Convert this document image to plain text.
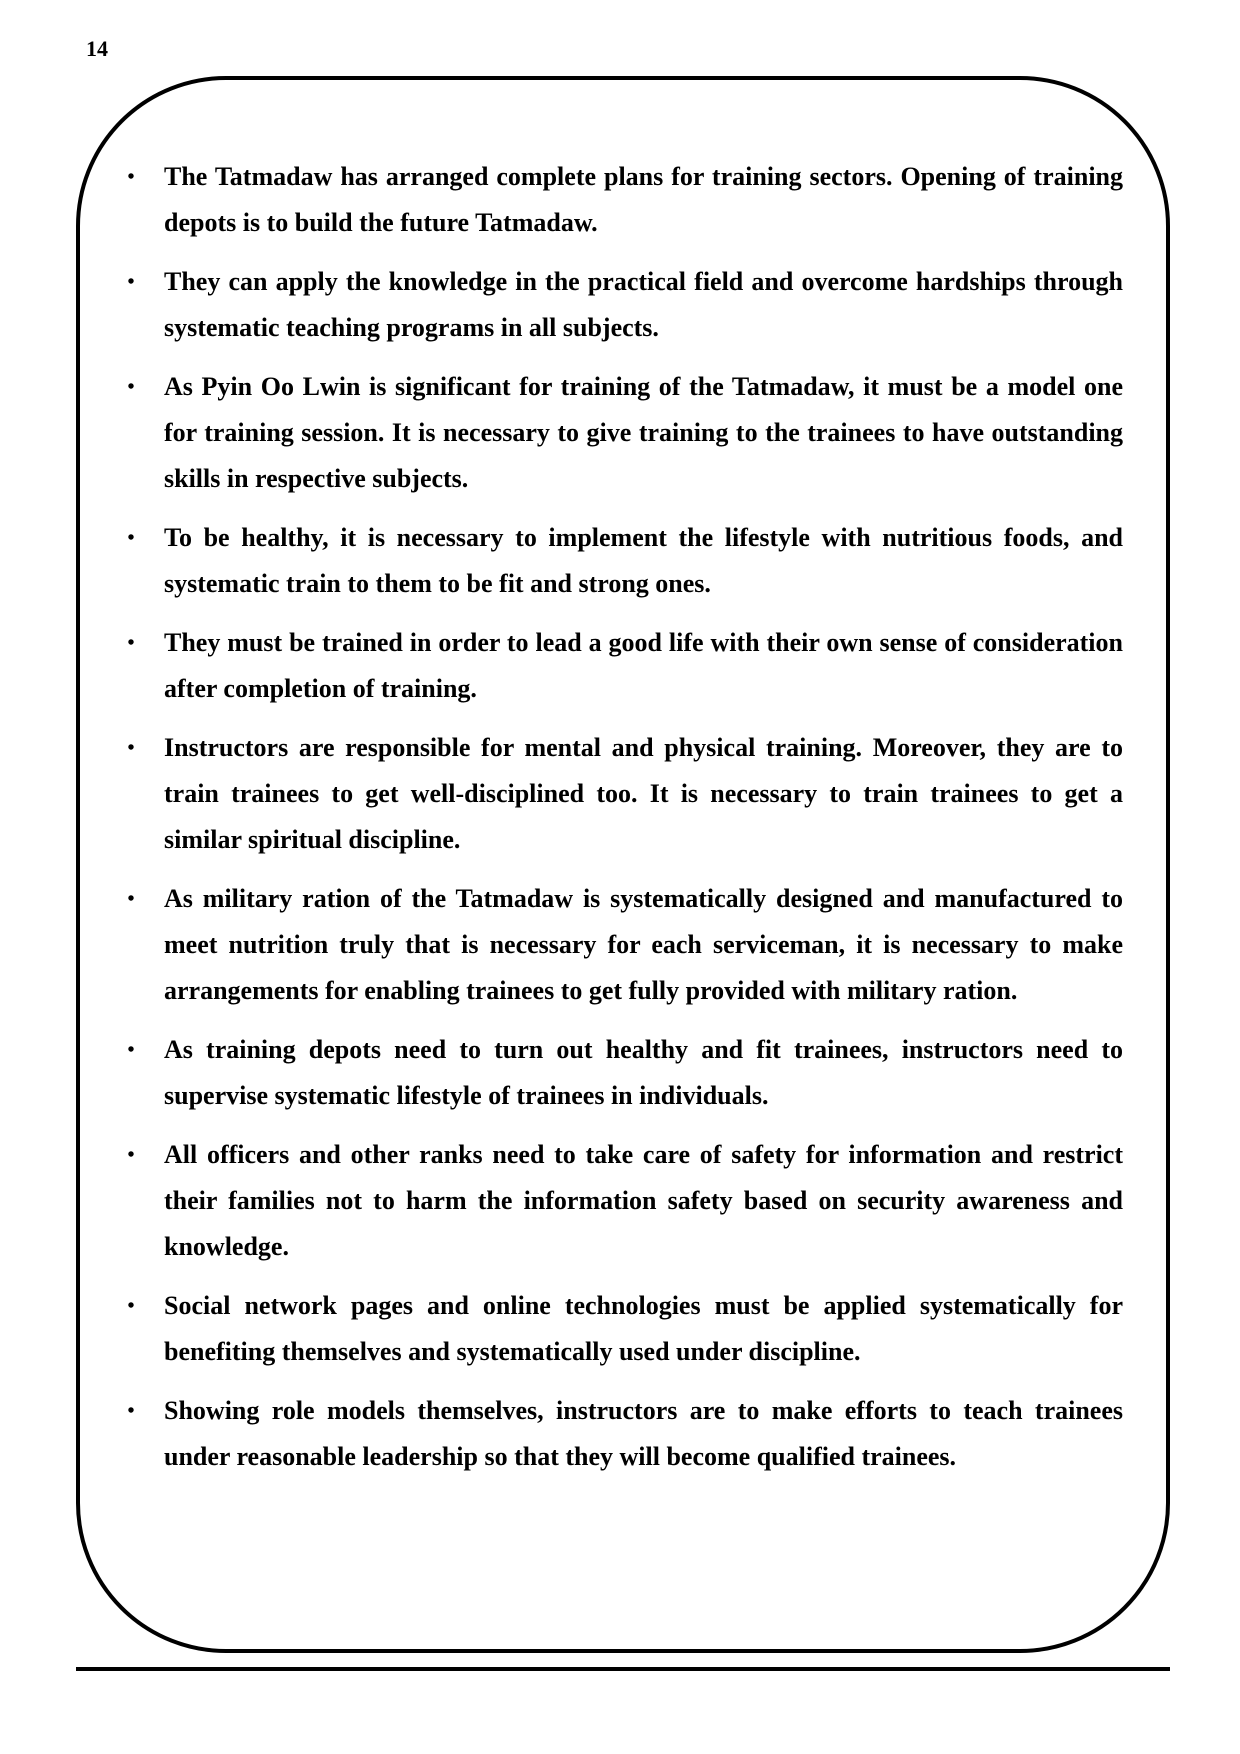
14
• The Tatmadaw has arranged complete plans for training sectors. Opening of training depots is to build the future Tatmadaw.
• They can apply the knowledge in the practical field and overcome hardships through systematic teaching programs in all subjects.
• As Pyin Oo Lwin is significant for training of the Tatmadaw, it must be a model one for training session. It is necessary to give training to the trainees to have outstanding skills in respective subjects.
• To be healthy, it is necessary to implement the lifestyle with nutritious foods, and systematic train to them to be fit and strong ones.
• They must be trained in order to lead a good life with their own sense of consideration after completion of training.
• Instructors are responsible for mental and physical training. Moreover, they are to train trainees to get well-disciplined too. It is necessary to train trainees to get a similar spiritual discipline.
• As military ration of the Tatmadaw is systematically designed and manufactured to meet nutrition truly that is necessary for each serviceman, it is necessary to make arrangements for enabling trainees to get fully provided with military ration.
• As training depots need to turn out healthy and fit trainees, instructors need to supervise systematic lifestyle of trainees in individuals.
• All officers and other ranks need to take care of safety for information and restrict their families not to harm the information safety based on security awareness and knowledge.
• Social network pages and online technologies must be applied systematically for benefiting themselves and systematically used under discipline.
• Showing role models themselves, instructors are to make efforts to teach trainees under reasonable leadership so that they will become qualified trainees.
